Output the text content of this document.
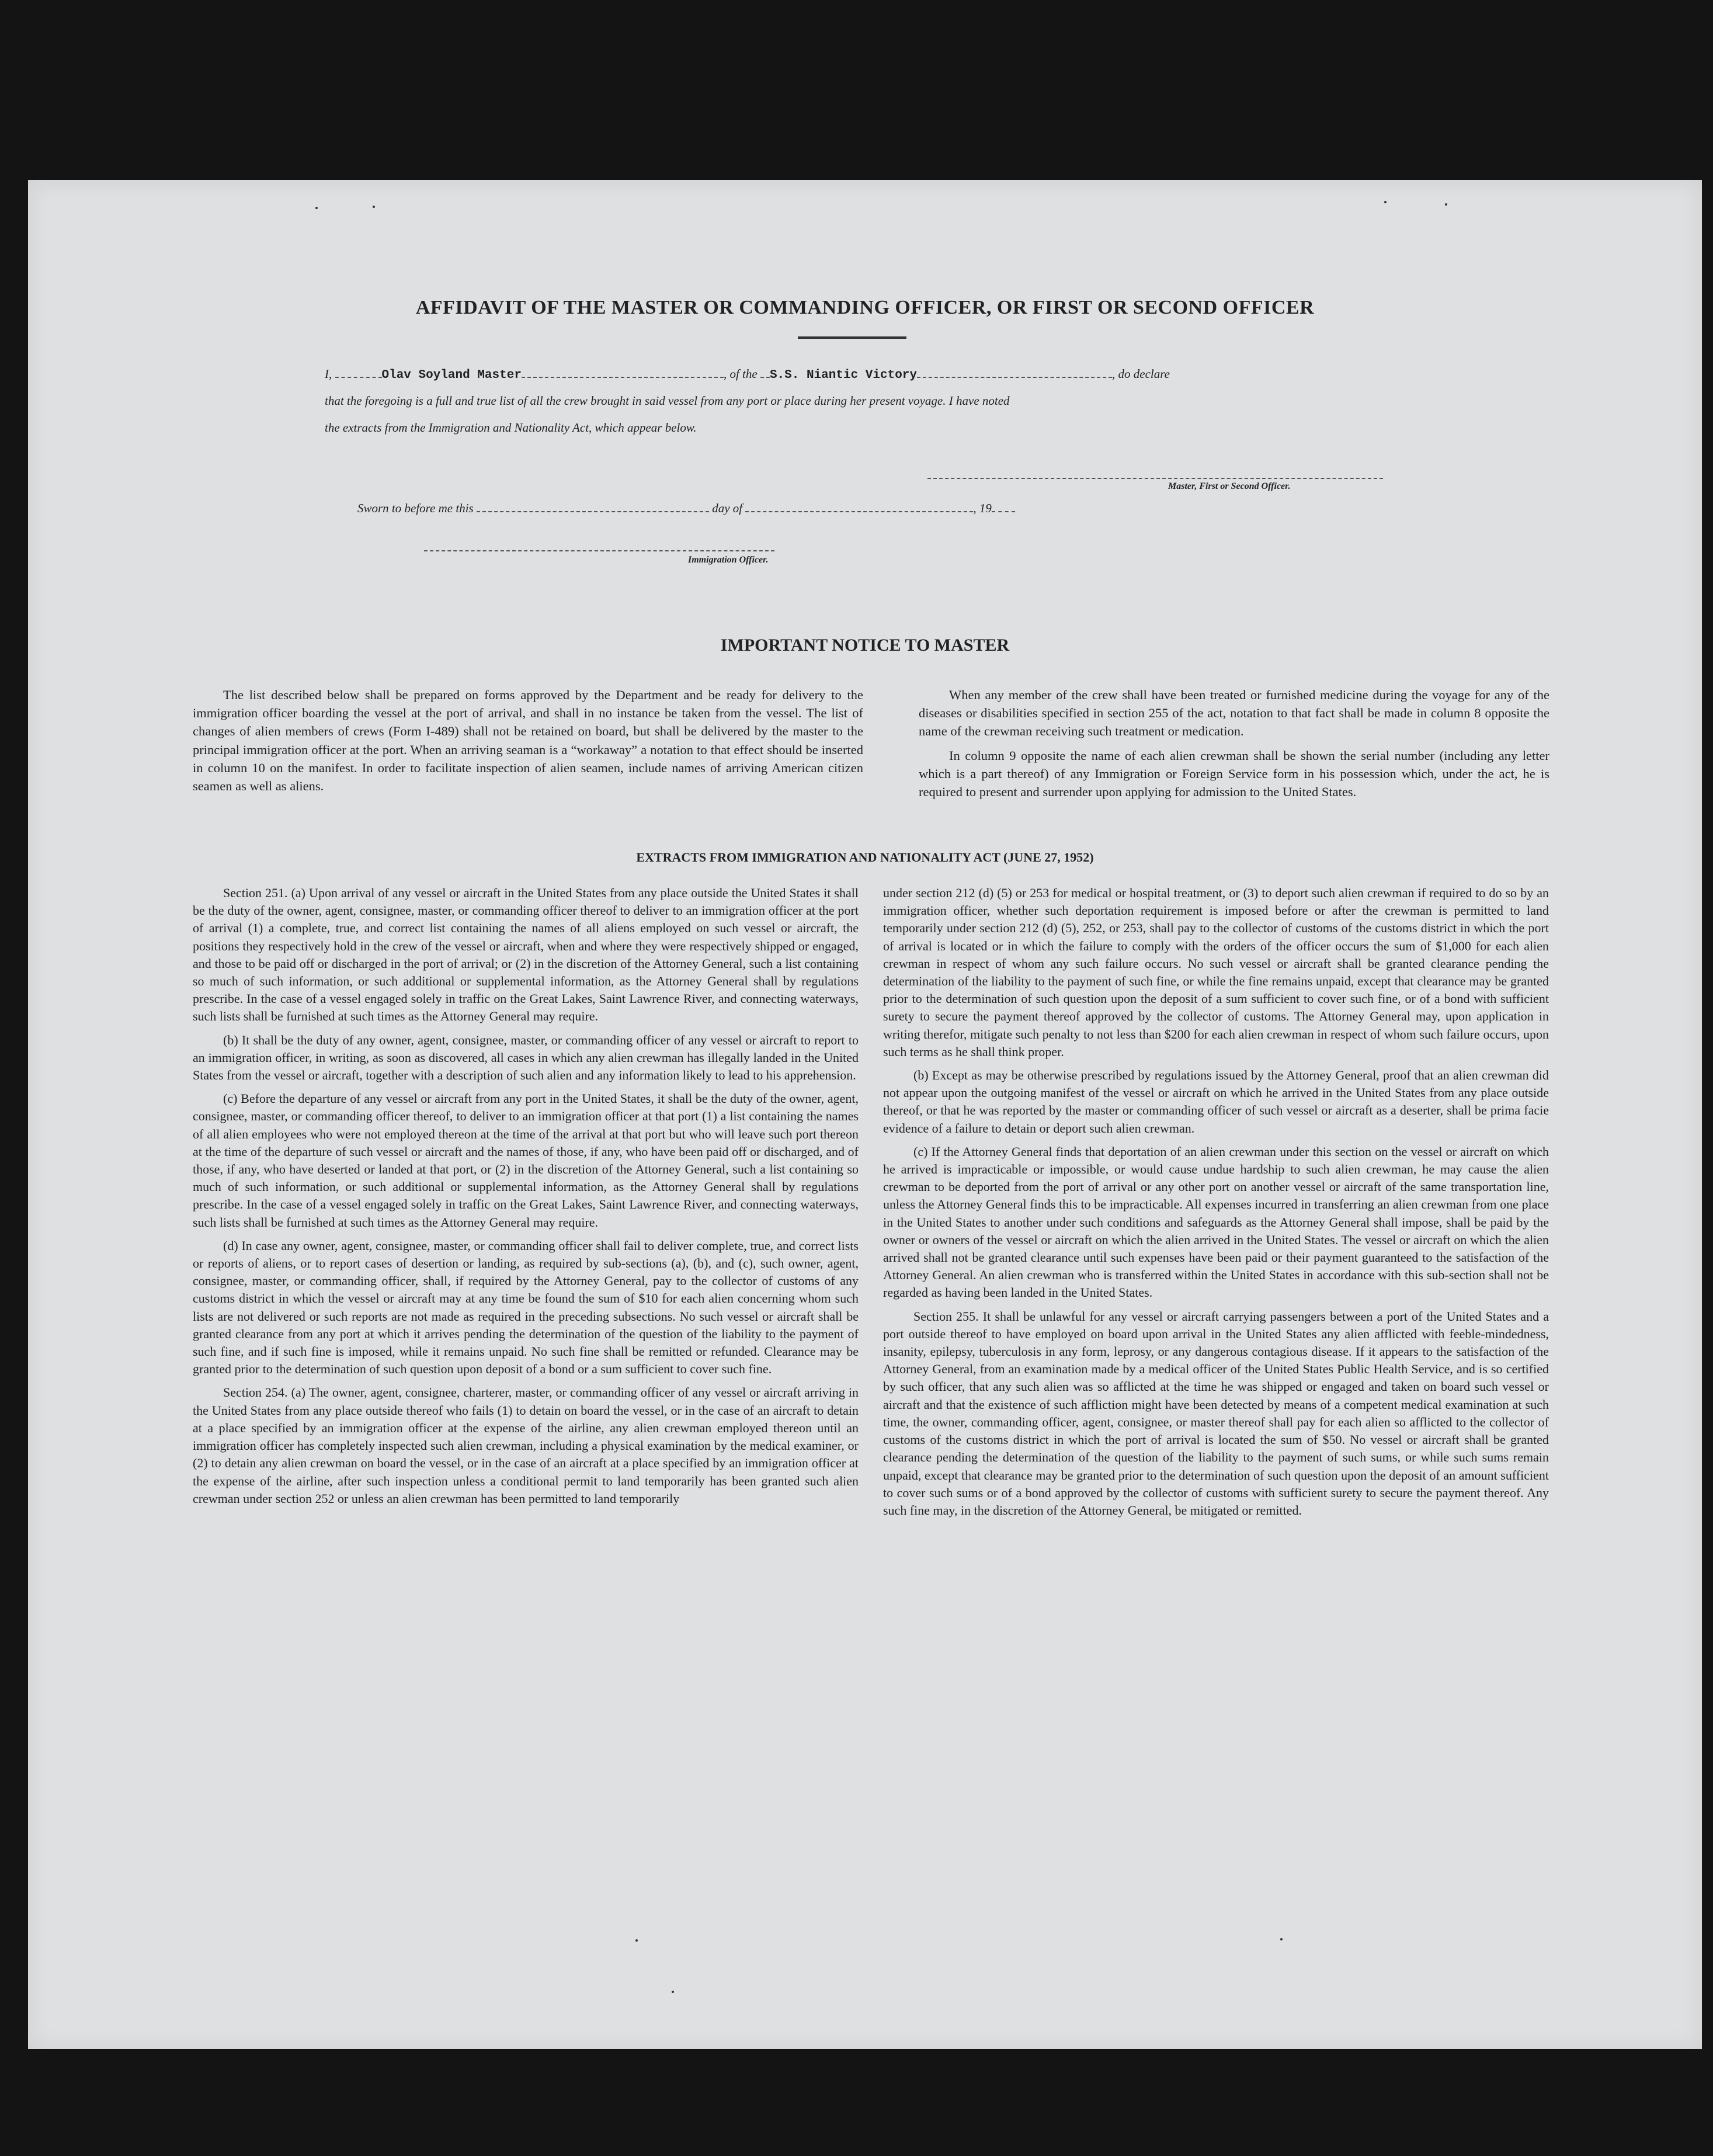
AFFIDAVIT OF THE MASTER OR COMMANDING OFFICER, OR FIRST OR SECOND OFFICER
I,	Olav Soyland Master	, of the S.S. Niantic Victory	, do declare
that the foregoing is a full and true list of all the crew brought in said vessel from any port or place during her present voyage. I have noted
the extracts from the Immigration and Nationality Act, which appear below.
Master, First or Second Officer.
Sworn to before me this	day of	, 19
Immigration Officer.
IMPORTANT NOTICE TO MASTER

The list described below shall be prepared on forms approved by the Department and be ready for delivery to the immigration officer boarding the vessel at the port of arrival, and shall in no instance be taken from the vessel. The list of changes of alien members of crews (Form I-489) shall not be retained on board, but shall be delivered by the master to the principal immigration officer at the port. When an arriving seaman is a “workaway” a notation to that effect should be inserted in column 10 on the manifest. In order to facilitate inspection of alien seamen, include names of arriving American citizen seamen as well as aliens.

When any member of the crew shall have been treated or furnished medicine during the voyage for any of the diseases or disabilities specified in section 255 of the act, notation to that fact shall be made in column 8 opposite the name of the crewman receiving such treatment or medication.

In column 9 opposite the name of each alien crewman shall be shown the serial number (including any letter which is a part thereof) of any Immigration or Foreign Service form in his possession which, under the act, he is required to present and surrender upon applying for admission to the United States.

EXTRACTS FROM IMMIGRATION AND NATIONALITY ACT (JUNE 27, 1952)

Section 251. (a) Upon arrival of any vessel or aircraft in the United States from any place outside the United States it shall be the duty of the owner, agent, consignee, master, or commanding officer thereof to deliver to an immigration officer at the port of arrival (1) a complete, true, and correct list containing the names of all aliens employed on such vessel or aircraft, the positions they respectively hold in the crew of the vessel or aircraft, when and where they were respectively shipped or engaged, and those to be paid off or discharged in the port of arrival; or (2) in the discretion of the Attorney General, such a list containing so much of such information, or such additional or supplemental information, as the Attorney General shall by regulations prescribe. In the case of a vessel engaged solely in traffic on the Great Lakes, Saint Lawrence River, and connecting waterways, such lists shall be furnished at such times as the Attorney General may require.

(b) It shall be the duty of any owner, agent, consignee, master, or commanding officer of any vessel or aircraft to report to an immigration officer, in writing, as soon as discovered, all cases in which any alien crewman has illegally landed in the United States from the vessel or aircraft, together with a description of such alien and any information likely to lead to his apprehension.

(c) Before the departure of any vessel or aircraft from any port in the United States, it shall be the duty of the owner, agent, consignee, master, or commanding officer thereof, to deliver to an immigration officer at that port (1) a list containing the names of all alien employees who were not employed thereon at the time of the arrival at that port but who will leave such port thereon at the time of the departure of such vessel or aircraft and the names of those, if any, who have been paid off or discharged, and of those, if any, who have deserted or landed at that port, or (2) in the discretion of the Attorney General, such a list containing so much of such information, or such additional or supplemental information, as the Attorney General shall by regulations prescribe. In the case of a vessel engaged solely in traffic on the Great Lakes, Saint Lawrence River, and connecting waterways, such lists shall be furnished at such times as the Attorney General may require.

(d) In case any owner, agent, consignee, master, or commanding officer shall fail to deliver complete, true, and correct lists or reports of aliens, or to report cases of desertion or landing, as required by sub-sections (a), (b), and (c), such owner, agent, consignee, master, or commanding officer, shall, if required by the Attorney General, pay to the collector of customs of any customs district in which the vessel or aircraft may at any time be found the sum of $10 for each alien concerning whom such lists are not delivered or such reports are not made as required in the preceding subsections. No such vessel or aircraft shall be granted clearance from any port at which it arrives pending the determination of the question of the liability to the payment of such fine, and if such fine is imposed, while it remains unpaid. No such fine shall be remitted or refunded. Clearance may be granted prior to the determination of such question upon deposit of a bond or a sum sufficient to cover such fine.

Section 254. (a) The owner, agent, consignee, charterer, master, or commanding officer of any vessel or aircraft arriving in the United States from any place outside thereof who fails (1) to detain on board the vessel, or in the case of an aircraft to detain at a place specified by an immigration officer at the expense of the airline, any alien crewman employed thereon until an immigration officer has completely inspected such alien crewman, including a physical examination by the medical examiner, or (2) to detain any alien crewman on board the vessel, or in the case of an aircraft at a place specified by an immigration officer at the expense of the airline, after such inspection unless a conditional permit to land temporarily has been granted such alien crewman under section 252 or unless an alien crewman has been permitted to land temporarily

under section 212 (d) (5) or 253 for medical or hospital treatment, or (3) to deport such alien crewman if required to do so by an immigration officer, whether such deportation requirement is imposed before or after the crewman is permitted to land temporarily under section 212 (d) (5), 252, or 253, shall pay to the collector of customs of the customs district in which the port of arrival is located or in which the failure to comply with the orders of the officer occurs the sum of $1,000 for each alien crewman in respect of whom any such failure occurs. No such vessel or aircraft shall be granted clearance pending the determination of the liability to the payment of such fine, or while the fine remains unpaid, except that clearance may be granted prior to the determination of such question upon the deposit of a sum sufficient to cover such fine, or of a bond with sufficient surety to secure the payment thereof approved by the collector of customs. The Attorney General may, upon application in writing therefor, mitigate such penalty to not less than $200 for each alien crewman in respect of whom such failure occurs, upon such terms as he shall think proper.

(b) Except as may be otherwise prescribed by regulations issued by the Attorney General, proof that an alien crewman did not appear upon the outgoing manifest of the vessel or aircraft on which he arrived in the United States from any place outside thereof, or that he was reported by the master or commanding officer of such vessel or aircraft as a deserter, shall be prima facie evidence of a failure to detain or deport such alien crewman.

(c) If the Attorney General finds that deportation of an alien crewman under this section on the vessel or aircraft on which he arrived is impracticable or impossible, or would cause undue hardship to such alien crewman, he may cause the alien crewman to be deported from the port of arrival or any other port on another vessel or aircraft of the same transportation line, unless the Attorney General finds this to be impracticable. All expenses incurred in transferring an alien crewman from one place in the United States to another under such conditions and safeguards as the Attorney General shall impose, shall be paid by the owner or owners of the vessel or aircraft on which the alien arrived in the United States. The vessel or aircraft on which the alien arrived shall not be granted clearance until such expenses have been paid or their payment guaranteed to the satisfaction of the Attorney General. An alien crewman who is transferred within the United States in accordance with this sub-section shall not be regarded as having been landed in the United States.

Section 255. It shall be unlawful for any vessel or aircraft carrying passengers between a port of the United States and a port outside thereof to have employed on board upon arrival in the United States any alien afflicted with feeble-mindedness, insanity, epilepsy, tuberculosis in any form, leprosy, or any dangerous contagious disease. If it appears to the satisfaction of the Attorney General, from an examination made by a medical officer of the United States Public Health Service, and is so certified by such officer, that any such alien was so afflicted at the time he was shipped or engaged and taken on board such vessel or aircraft and that the existence of such affliction might have been detected by means of a competent medical examination at such time, the owner, commanding officer, agent, consignee, or master thereof shall pay for each alien so afflicted to the collector of customs of the customs district in which the port of arrival is located the sum of $50. No vessel or aircraft shall be granted clearance pending the determination of the question of the liability to the payment of such sums, or while such sums remain unpaid, except that clearance may be granted prior to the determination of such question upon the deposit of an amount sufficient to cover such sums or of a bond approved by the collector of customs with sufficient surety to secure the payment thereof. Any such fine may, in the discretion of the Attorney General, be mitigated or remitted.
